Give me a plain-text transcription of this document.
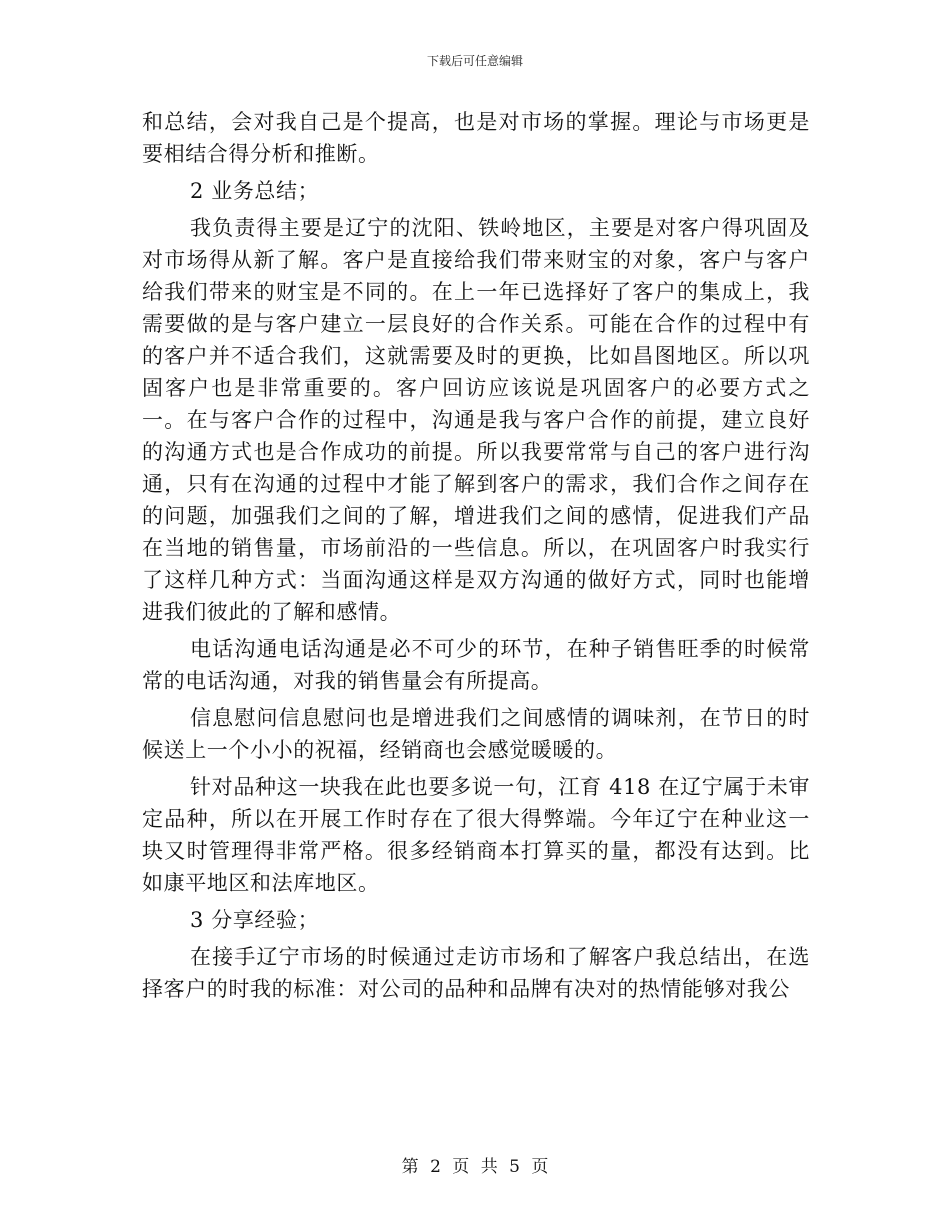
下载后可任意编辑

和总结，会对我自己是个提高，也是对市场的掌握。理论与市场更是要相结合得分析和推断。

2 业务总结；

我负责得主要是辽宁的沈阳、铁岭地区，主要是对客户得巩固及对市场得从新了解。客户是直接给我们带来财宝的对象，客户与客户给我们带来的财宝是不同的。在上一年已选择好了客户的集成上，我需要做的是与客户建立一层良好的合作关系。可能在合作的过程中有的客户并不适合我们，这就需要及时的更换，比如昌图地区。所以巩固客户也是非常重要的。客户回访应该说是巩固客户的必要方式之一。在与客户合作的过程中，沟通是我与客户合作的前提，建立良好的沟通方式也是合作成功的前提。所以我要常常与自己的客户进行沟通，只有在沟通的过程中才能了解到客户的需求，我们合作之间存在的问题，加强我们之间的了解，增进我们之间的感情，促进我们产品在当地的销售量，市场前沿的一些信息。所以，在巩固客户时我实行了这样几种方式：当面沟通这样是双方沟通的做好方式，同时也能增进我们彼此的了解和感情。

电话沟通电话沟通是必不可少的环节，在种子销售旺季的时候常常的电话沟通，对我的销售量会有所提高。

信息慰问信息慰问也是增进我们之间感情的调味剂，在节日的时候送上一个小小的祝福，经销商也会感觉暖暖的。

针对品种这一块我在此也要多说一句，江育 418 在辽宁属于未审定品种，所以在开展工作时存在了很大得弊端。今年辽宁在种业这一块又时管理得非常严格。很多经销商本打算买的量，都没有达到。比如康平地区和法库地区。

3 分享经验；

在接手辽宁市场的时候通过走访市场和了解客户我总结出，在选择客户的时我的标准：对公司的品种和品牌有决对的热情能够对我公

第 2 页 共 5 页
